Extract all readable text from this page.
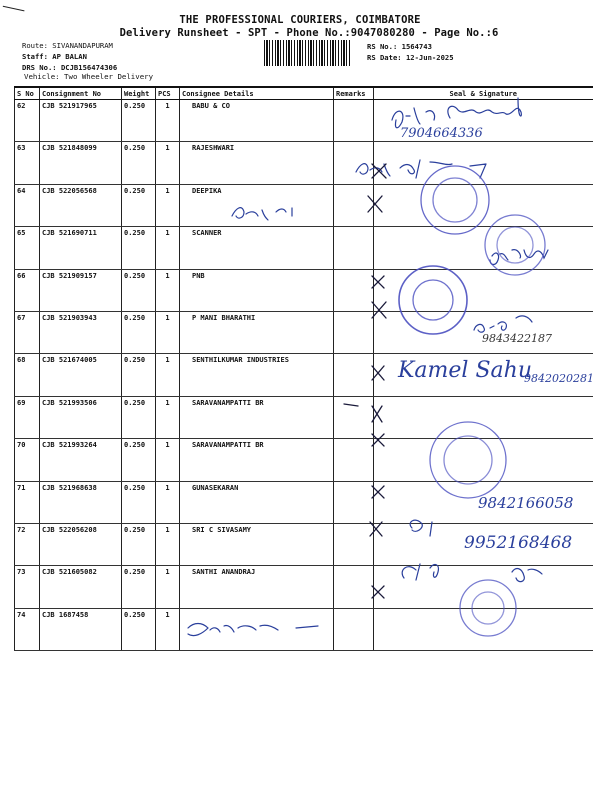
THE PROFESSIONAL COURIERS, COIMBATORE
Delivery Runsheet - SPT - Phone No.:9047080280 - Page No.:6
Route: SIVANANDAPURAM
Staff: AP BALAN
DRS No.: DCJB156474306
Vehicle: Two Wheeler Delivery
RS No.: 1564743
RS Date: 12-Jun-2025
S No	Consignment No	Weight	PCS	Consignee Details	Remarks	Seal & Signature
62	CJB 521917965	0.250	1	BABU & CO		
63	CJB 521848099	0.250	1	RAJESHWARI		
64	CJB 522056568	0.250	1	DEEPIKA		
65	CJB 521690711	0.250	1	SCANNER		
66	CJB 521909157	0.250	1	PNB		
67	CJB 521903943	0.250	1	P MANI BHARATHI		
68	CJB 521674005	0.250	1	SENTHILKUMAR INDUSTRIES		
69	CJB 521993506	0.250	1	SARAVANAMPATTI BR		
70	CJB 521993264	0.250	1	SARAVANAMPATTI BR		
71	CJB 521968638	0.250	1	GUNASEKARAN		
72	CJB 522056208	0.250	1	SRI C SIVASAMY		
73	CJB 521605082	0.250	1	SANTHI ANANDRAJ		
74	CJB 1687458	0.250	1			
7904664336
9843422187
Kamel Sahu
9842020281
9842166058
9952168468
